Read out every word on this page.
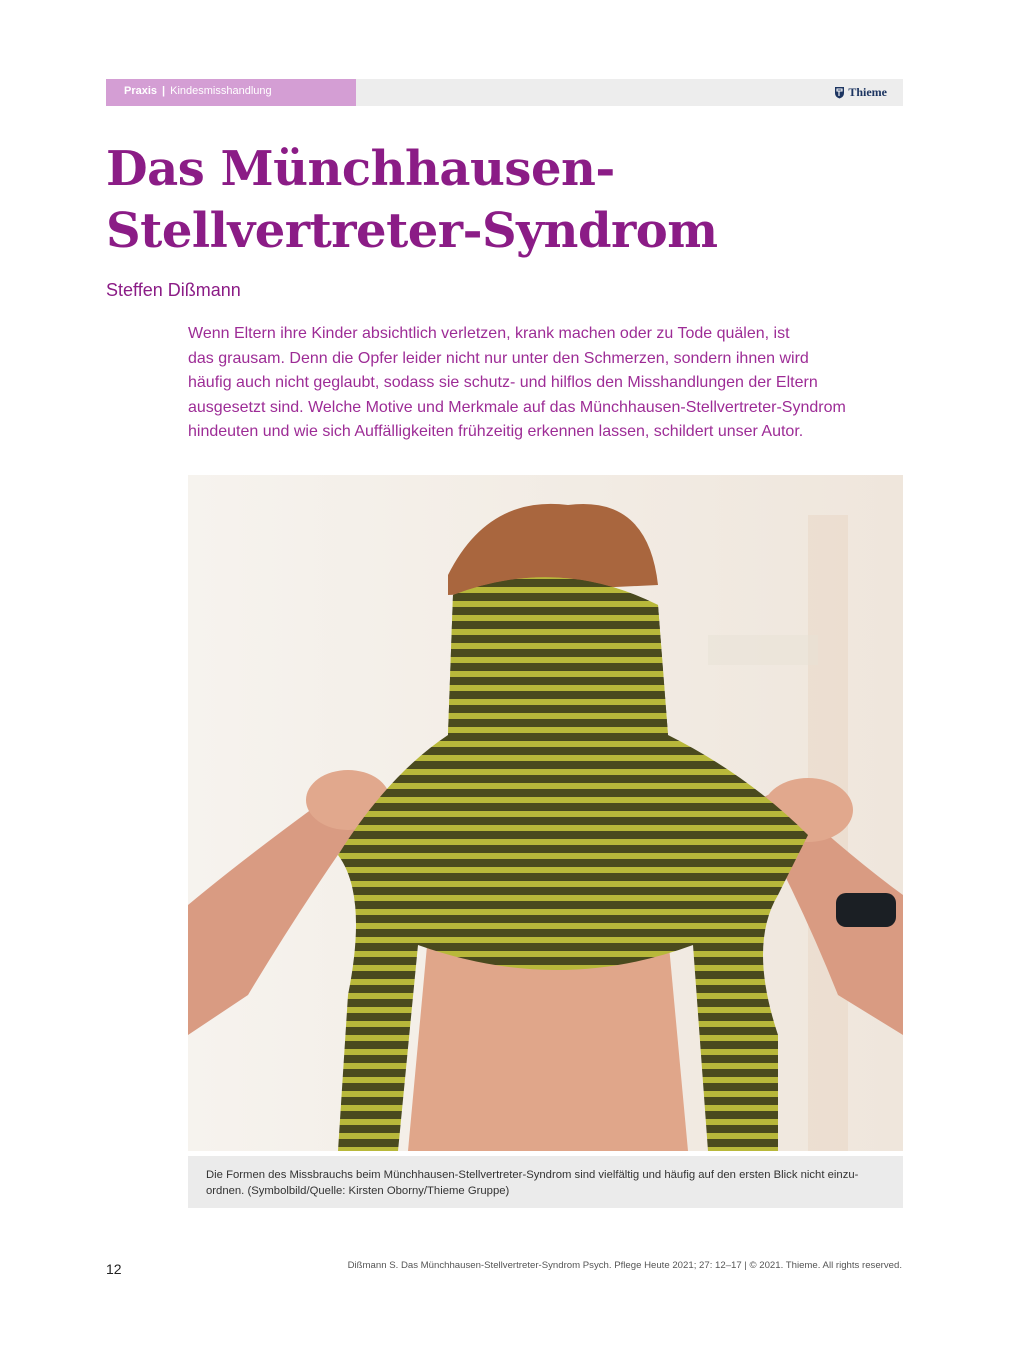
Praxis | Kindesmisshandlung	Thieme
Das Münchhausen-
Stellvertreter-Syndrom
Steffen Dißmann
Wenn Eltern ihre Kinder absichtlich verletzen, krank machen oder zu Tode quälen, ist
das grausam. Denn die Opfer leider nicht nur unter den Schmerzen, sondern ihnen wird
häufig auch nicht geglaubt, sodass sie schutz- und hilflos den Misshandlungen der Eltern
ausgesetzt sind. Welche Motive und Merkmale auf das Münchhausen-Stellvertreter-Syndrom
hindeuten und wie sich Auffälligkeiten frühzeitig erkennen lassen, schildert unser Autor.
Die Formen des Missbrauchs beim Münchhausen-Stellvertreter-Syndrom sind vielfältig und häufig auf den ersten Blick nicht einzu-
ordnen. (Symbolbild/Quelle: Kirsten Oborny/Thieme Gruppe)
12	Dißmann S. Das Münchhausen-Stellvertreter-Syndrom Psych. Pflege Heute 2021; 27: 12–17 | © 2021. Thieme. All rights reserved.
